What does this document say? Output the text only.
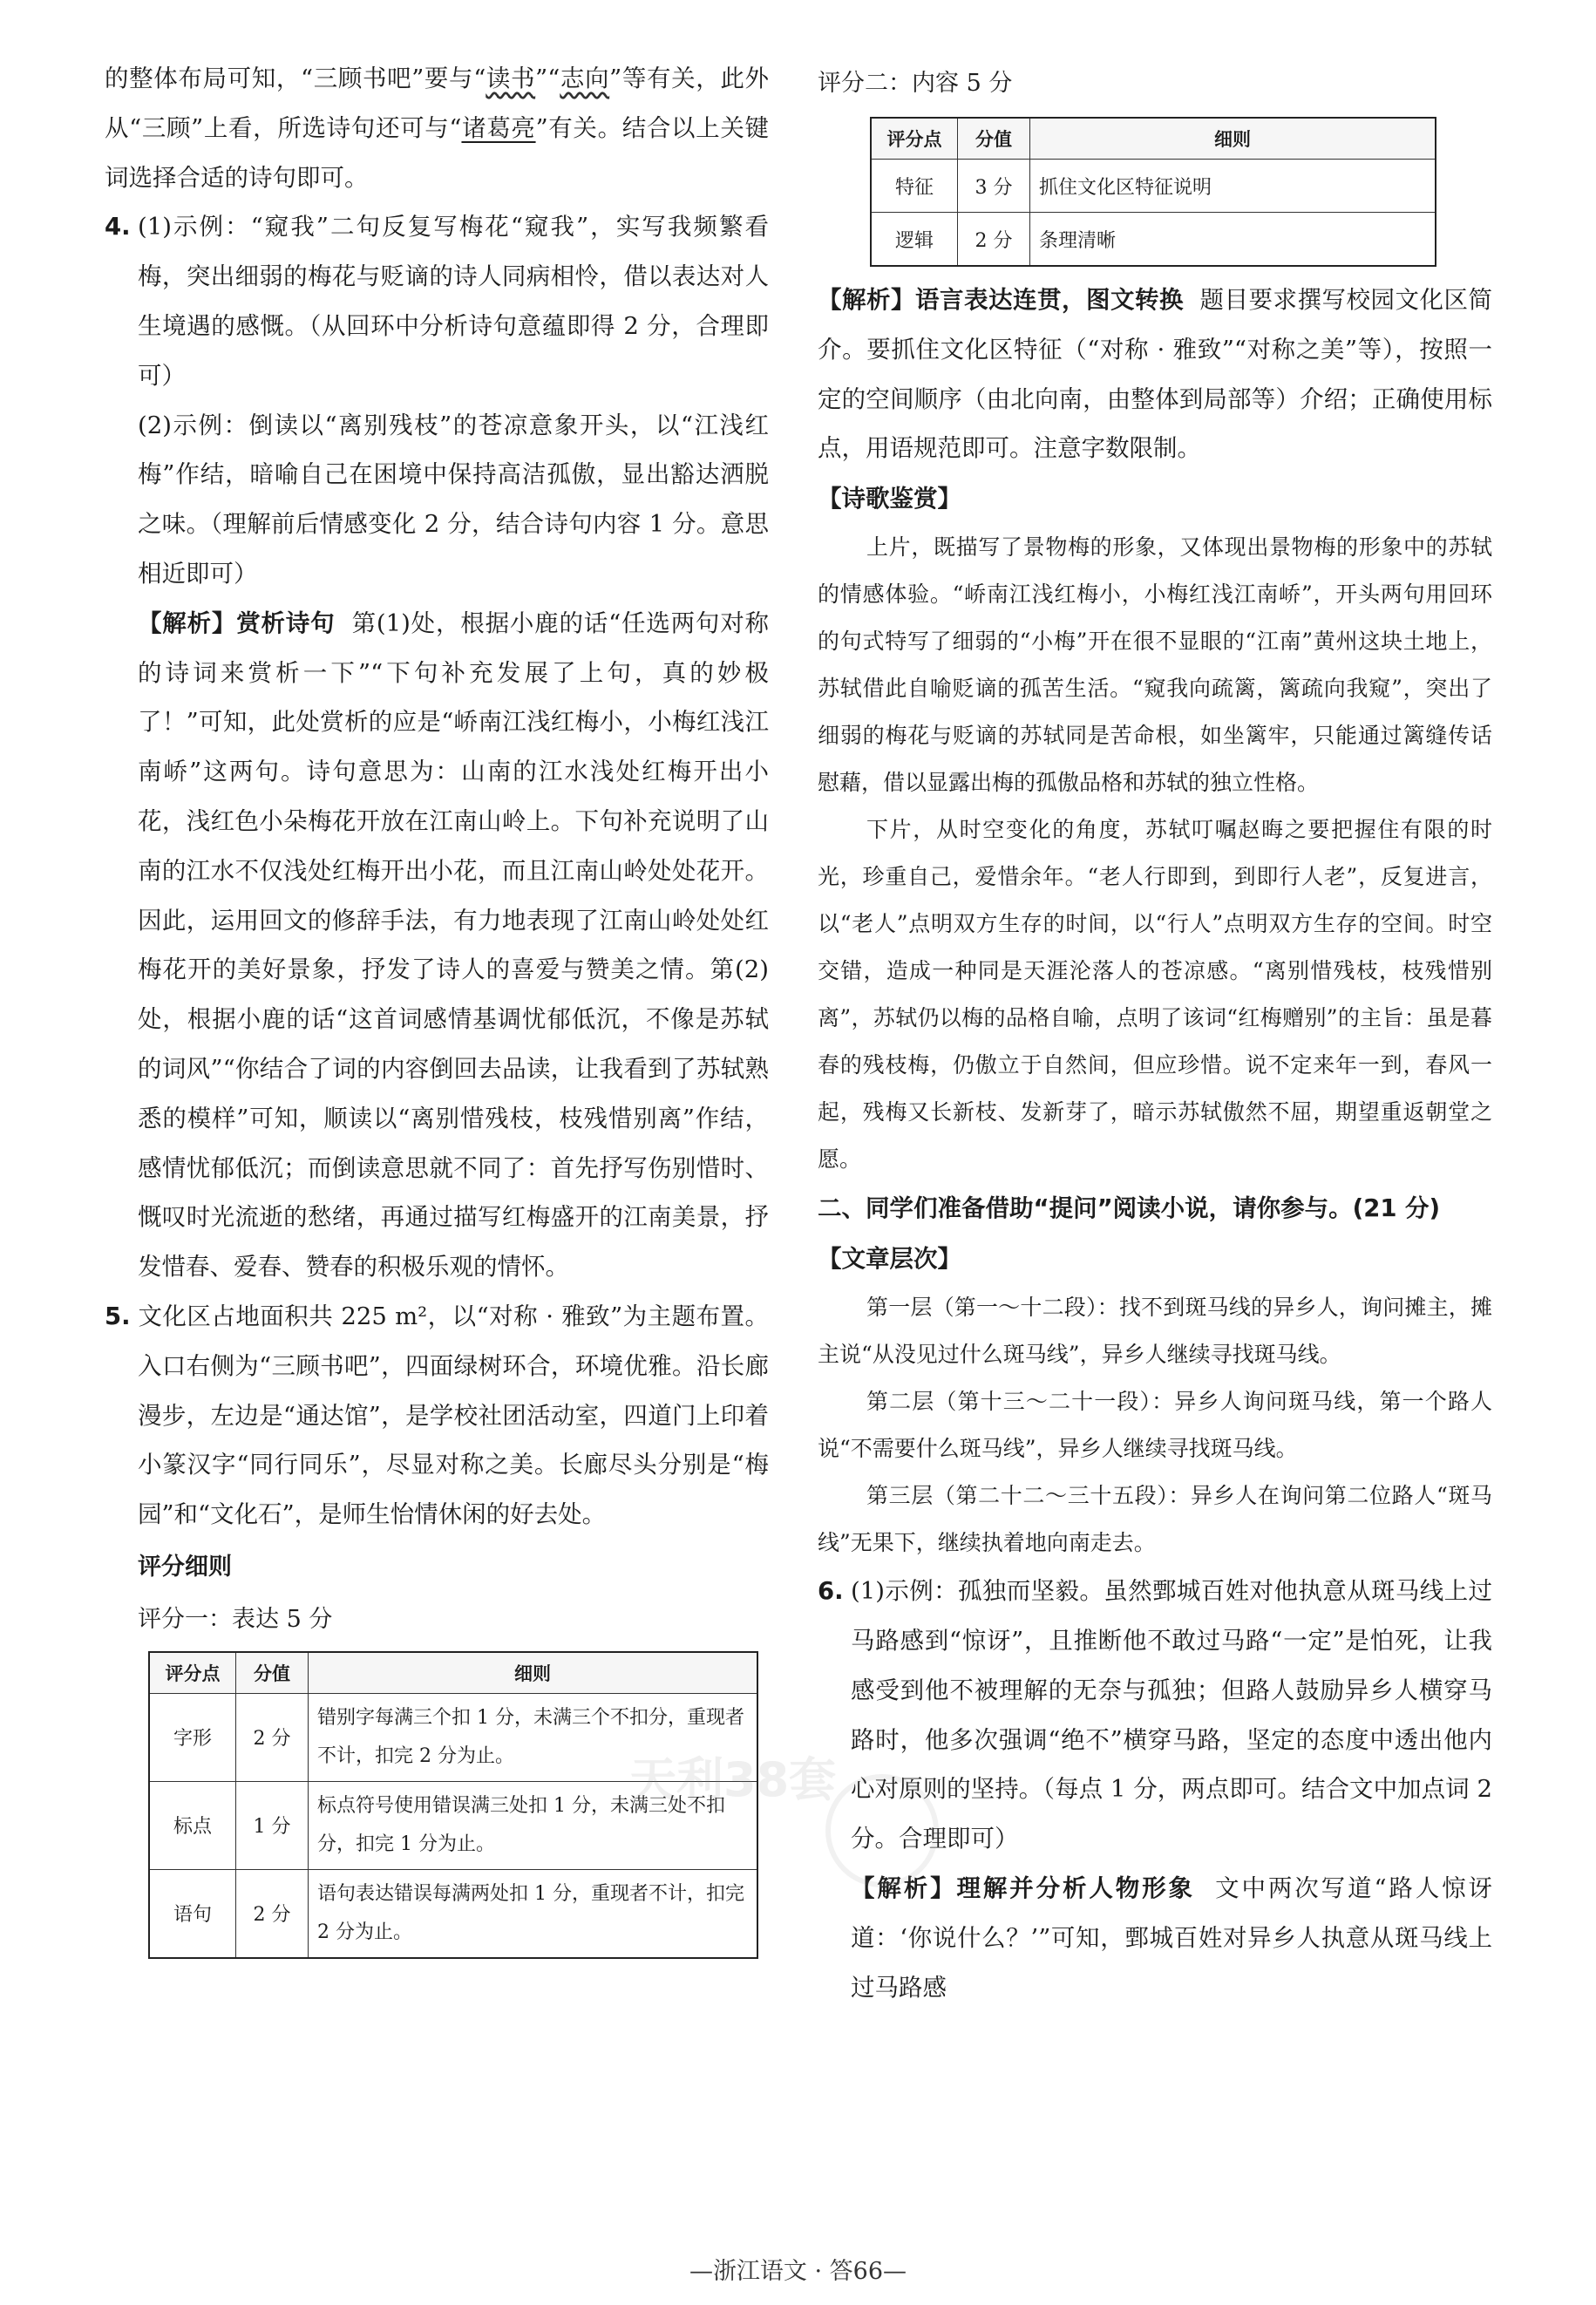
的整体布局可知，“三顾书吧”要与“读书”“志向”等有关，此外从“三顾”上看，所选诗句还可与“诸葛亮”有关。结合以上关键词选择合适的诗句即可。

4. (1)示例：“窥我”二句反复写梅花“窥我”，实写我频繁看梅，突出细弱的梅花与贬谪的诗人同病相怜，借以表达对人生境遇的感慨。（从回环中分析诗句意蕴即得 2 分，合理即可）

(2)示例：倒读以“离别残枝”的苍凉意象开头，以“江浅红梅”作结，暗喻自己在困境中保持高洁孤傲，显出豁达洒脱之味。（理解前后情感变化 2 分，结合诗句内容 1 分。意思相近即可）

【解析】赏析诗句 第(1)处，根据小鹿的话“任选两句对称的诗词来赏析一下”“下句补充发展了上句，真的妙极了！”可知，此处赏析的应是“峤南江浅红梅小，小梅红浅江南峤”这两句。诗句意思为：山南的江水浅处红梅开出小花，浅红色小朵梅花开放在江南山岭上。下句补充说明了山南的江水不仅浅处红梅开出小花，而且江南山岭处处花开。因此，运用回文的修辞手法，有力地表现了江南山岭处处红梅花开的美好景象，抒发了诗人的喜爱与赞美之情。第(2)处，根据小鹿的话“这首词感情基调忧郁低沉，不像是苏轼的词风”“你结合了词的内容倒回去品读，让我看到了苏轼熟悉的模样”可知，顺读以“离别惜残枝，枝残惜别离”作结，感情忧郁低沉；而倒读意思就不同了：首先抒写伤别惜时、慨叹时光流逝的愁绪，再通过描写红梅盛开的江南美景，抒发惜春、爱春、赞春的积极乐观的情怀。

5. 文化区占地面积共 225 m²，以“对称 · 雅致”为主题布置。入口右侧为“三顾书吧”，四面绿树环合，环境优雅。沿长廊漫步，左边是“通达馆”，是学校社团活动室，四道门上印着小篆汉字“同行同乐”，尽显对称之美。长廊尽头分别是“梅园”和“文化石”，是师生怡情休闲的好去处。

评分细则

评分一：表达 5 分

评分点	分值	细则
字形	2 分	错别字每满三个扣 1 分，未满三个不扣分，重现者不计，扣完 2 分为止。
标点	1 分	标点符号使用错误满三处扣 1 分，未满三处不扣分，扣完 1 分为止。
语句	2 分	语句表达错误每满两处扣 1 分，重现者不计，扣完 2 分为止。

评分二：内容 5 分

评分点	分值	细则
特征	3 分	抓住文化区特征说明
逻辑	2 分	条理清晰

【解析】语言表达连贯，图文转换 题目要求撰写校园文化区简介。要抓住文化区特征（“对称 · 雅致”“对称之美”等），按照一定的空间顺序（由北向南，由整体到局部等）介绍；正确使用标点，用语规范即可。注意字数限制。

【诗歌鉴赏】

上片，既描写了景物梅的形象，又体现出景物梅的形象中的苏轼的情感体验。“峤南江浅红梅小，小梅红浅江南峤”，开头两句用回环的句式特写了细弱的“小梅”开在很不显眼的“江南”黄州这块土地上，苏轼借此自喻贬谪的孤苦生活。“窥我向疏篱，篱疏向我窥”，突出了细弱的梅花与贬谪的苏轼同是苦命根，如坐篱牢，只能通过篱缝传话慰藉，借以显露出梅的孤傲品格和苏轼的独立性格。

下片，从时空变化的角度，苏轼叮嘱赵晦之要把握住有限的时光，珍重自己，爱惜余年。“老人行即到，到即行人老”，反复进言，以“老人”点明双方生存的时间，以“行人”点明双方生存的空间。时空交错，造成一种同是天涯沦落人的苍凉感。“离别惜残枝，枝残惜别离”，苏轼仍以梅的品格自喻，点明了该词“红梅赠别”的主旨：虽是暮春的残枝梅，仍傲立于自然间，但应珍惜。说不定来年一到，春风一起，残梅又长新枝、发新芽了，暗示苏轼傲然不屈，期望重返朝堂之愿。

二、同学们准备借助“提问”阅读小说，请你参与。(21 分)

【文章层次】

第一层（第一～十二段）：找不到斑马线的异乡人，询问摊主，摊主说“从没见过什么斑马线”，异乡人继续寻找斑马线。

第二层（第十三～二十一段）：异乡人询问斑马线，第一个路人说“不需要什么斑马线”，异乡人继续寻找斑马线。

第三层（第二十二～三十五段）：异乡人在询问第二位路人“斑马线”无果下，继续执着地向南走去。

6. (1)示例：孤独而坚毅。虽然鄄城百姓对他执意从斑马线上过马路感到“惊讶”，且推断他不敢过马路“一定”是怕死，让我感受到他不被理解的无奈与孤独；但路人鼓励异乡人横穿马路时，他多次强调“绝不”横穿马路，坚定的态度中透出他内心对原则的坚持。（每点 1 分，两点即可。结合文中加点词 2 分。合理即可）

【解析】理解并分析人物形象 文中两次写道“路人惊讶道：‘你说什么？’”可知，鄄城百姓对异乡人执意从斑马线上过马路感

天利38套
—浙江语文 · 答66—
